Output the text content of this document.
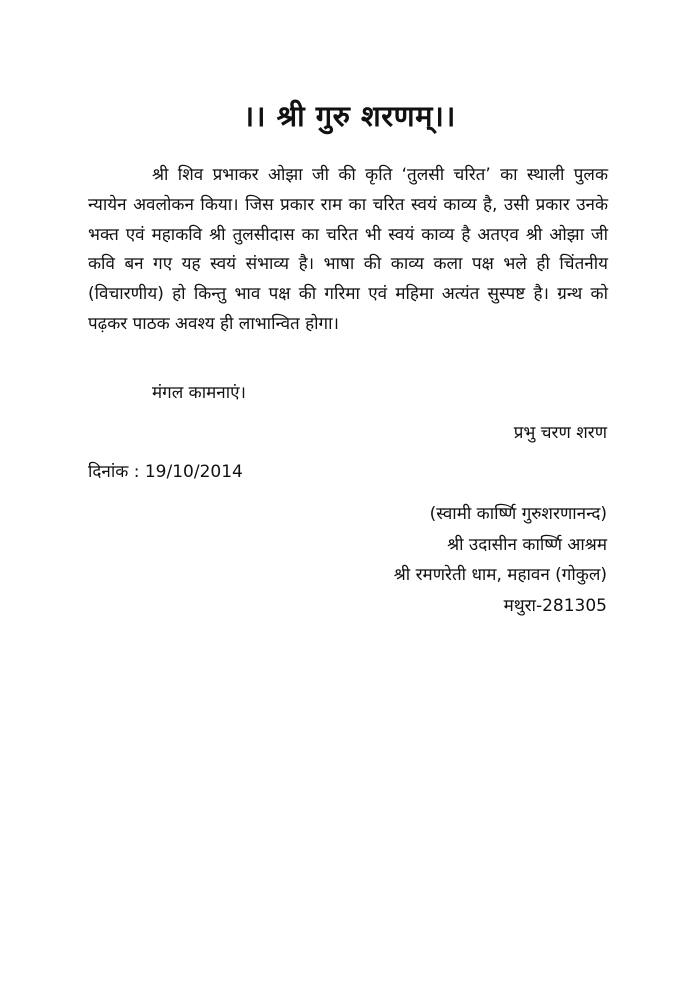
।। श्री गुरु शरणम्।।

श्री शिव प्रभाकर ओझा जी की कृति ‘तुलसी चरित’ का स्थाली पुलक न्यायेन अवलोकन किया। जिस प्रकार राम का चरित स्वयं काव्य है, उसी प्रकार उनके भक्त एवं महाकवि श्री तुलसीदास का चरित भी स्वयं काव्य है अतएव श्री ओझा जी कवि बन गए यह स्वयं संभाव्य है। भाषा की काव्य कला पक्ष भले ही चिंतनीय (विचारणीय) हो किन्तु भाव पक्ष की गरिमा एवं महिमा अत्यंत सुस्पष्ट है। ग्रन्थ को पढ़कर पाठक अवश्य ही लाभान्वित होगा।

मंगल कामनाएं।
प्रभु चरण शरण
दिनांक : 19/10/2014
(स्वामी कार्ष्णि गुरुशरणानन्द)
श्री उदासीन कार्ष्णि आश्रम
श्री रमणरेती धाम, महावन (गोकुल)
मथुरा-281305
